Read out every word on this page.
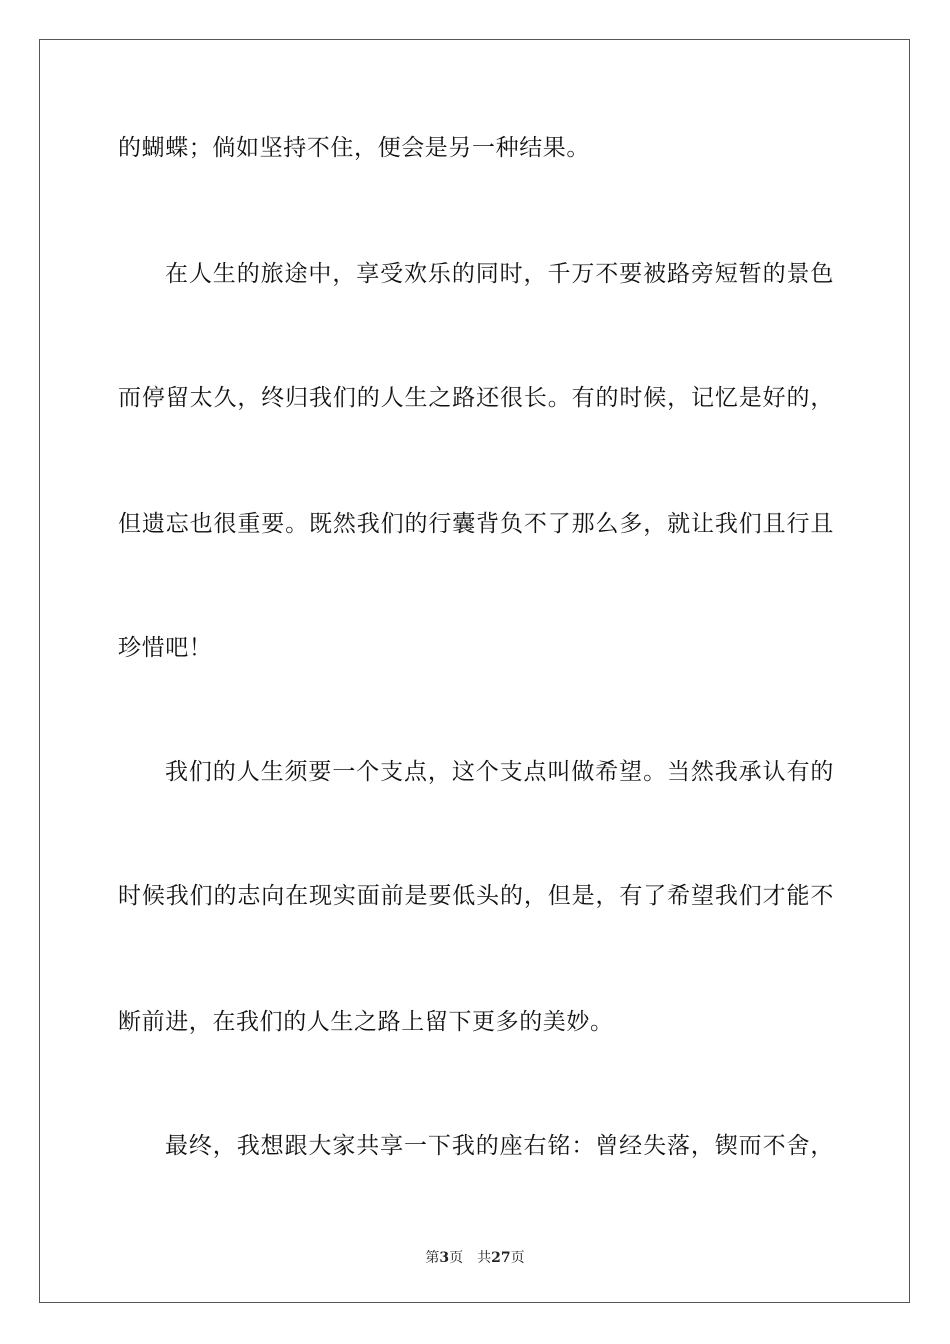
的蝴蝶；倘如坚持不住，便会是另一种结果。
在人生的旅途中，享受欢乐的同时，千万不要被路旁短暂的景色
而停留太久，终归我们的人生之路还很长。有的时候，记忆是好的，
但遗忘也很重要。既然我们的行囊背负不了那么多，就让我们且行且
珍惜吧！
我们的人生须要一个支点，这个支点叫做希望。当然我承认有的
时候我们的志向在现实面前是要低头的，但是，有了希望我们才能不
断前进，在我们的人生之路上留下更多的美妙。
最终，我想跟大家共享一下我的座右铭：曾经失落，锲而不舍，
第3页 共27页
